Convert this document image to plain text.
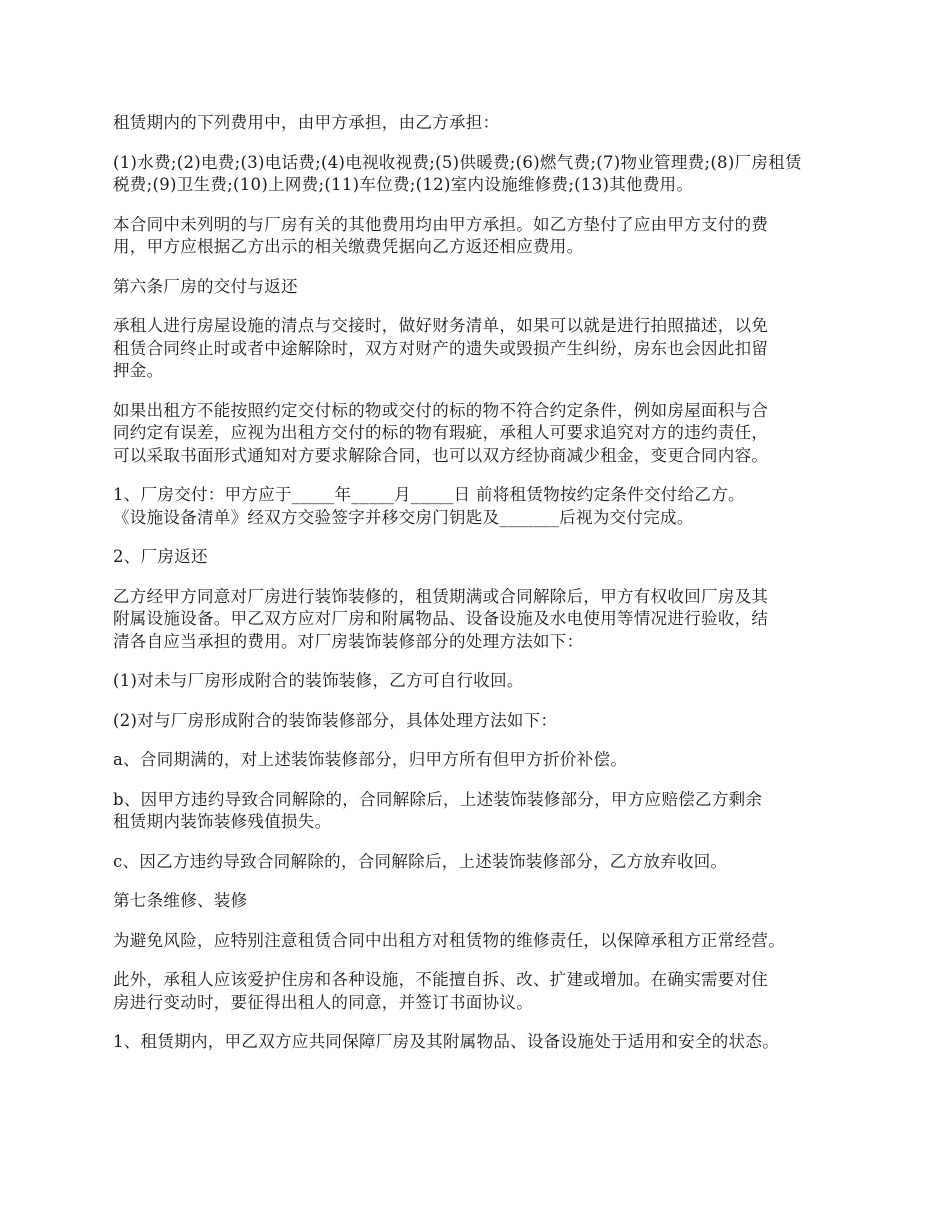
租赁期内的下列费用中，由甲方承担，由乙方承担：

(1)水费;(2)电费;(3)电话费;(4)电视收视费;(5)供暖费;(6)燃气费;(7)物业管理费;(8)厂房租赁
税费;(9)卫生费;(10)上网费;(11)车位费;(12)室内设施维修费;(13)其他费用。

本合同中未列明的与厂房有关的其他费用均由甲方承担。如乙方垫付了应由甲方支付的费
用，甲方应根据乙方出示的相关缴费凭据向乙方返还相应费用。

第六条厂房的交付与返还

承租人进行房屋设施的清点与交接时，做好财务清单，如果可以就是进行拍照描述，以免
租赁合同终止时或者中途解除时，双方对财产的遗失或毁损产生纠纷，房东也会因此扣留
押金。

如果出租方不能按照约定交付标的物或交付的标的物不符合约定条件，例如房屋面积与合
同约定有误差，应视为出租方交付的标的物有瑕疵，承租人可要求追究对方的违约责任，
可以采取书面形式通知对方要求解除合同，也可以双方经协商减少租金，变更合同内容。

1、厂房交付：甲方应于_____年_____月_____日 前将租赁物按约定条件交付给乙方。
《设施设备清单》经双方交验签字并移交房门钥匙及_______后视为交付完成。

2、厂房返还

乙方经甲方同意对厂房进行装饰装修的，租赁期满或合同解除后，甲方有权收回厂房及其
附属设施设备。甲乙双方应对厂房和附属物品、设备设施及水电使用等情况进行验收，结
清各自应当承担的费用。对厂房装饰装修部分的处理方法如下：

(1)对未与厂房形成附合的装饰装修，乙方可自行收回。

(2)对与厂房形成附合的装饰装修部分，具体处理方法如下：

a、合同期满的，对上述装饰装修部分，归甲方所有但甲方折价补偿。

b、因甲方违约导致合同解除的，合同解除后，上述装饰装修部分，甲方应赔偿乙方剩余
租赁期内装饰装修残值损失。

c、因乙方违约导致合同解除的，合同解除后，上述装饰装修部分，乙方放弃收回。

第七条维修、装修

为避免风险，应特别注意租赁合同中出租方对租赁物的维修责任，以保障承租方正常经营。

此外，承租人应该爱护住房和各种设施，不能擅自拆、改、扩建或增加。在确实需要对住
房进行变动时，要征得出租人的同意，并签订书面协议。

1、租赁期内，甲乙双方应共同保障厂房及其附属物品、设备设施处于适用和安全的状态。
